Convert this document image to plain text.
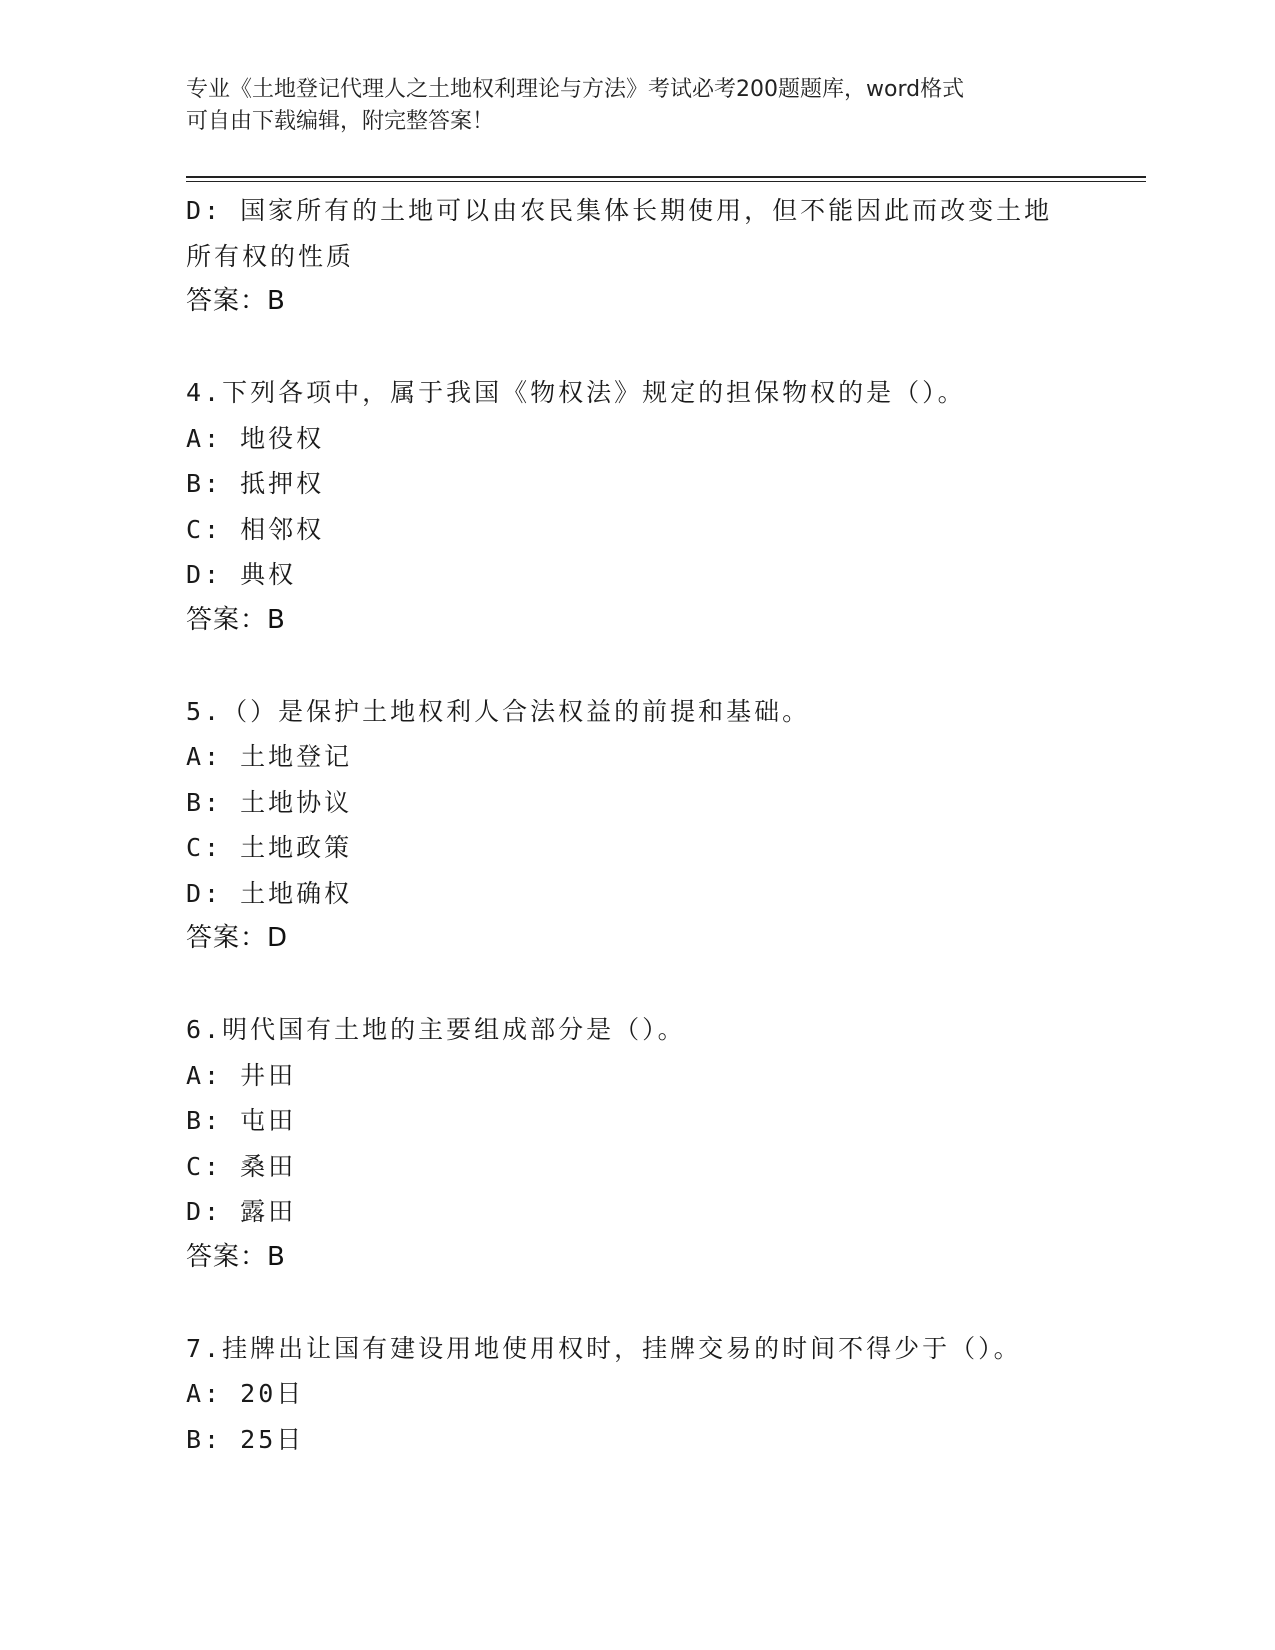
专业《土地登记代理人之土地权利理论与方法》考试必考200题题库，word格式
可自由下载编辑，附完整答案！
D: 国家所有的土地可以由农民集体长期使用，但不能因此而改变土地
所有权的性质
答案：B
4.下列各项中，属于我国《物权法》规定的担保物权的是（）。
A: 地役权
B: 抵押权
C: 相邻权
D: 典权
答案：B
5.（）是保护土地权利人合法权益的前提和基础。
A: 土地登记
B: 土地协议
C: 土地政策
D: 土地确权
答案：D
6.明代国有土地的主要组成部分是（）。
A: 井田
B: 屯田
C: 桑田
D: 露田
答案：B
7.挂牌出让国有建设用地使用权时，挂牌交易的时间不得少于（）。
A: 20日
B: 25日
